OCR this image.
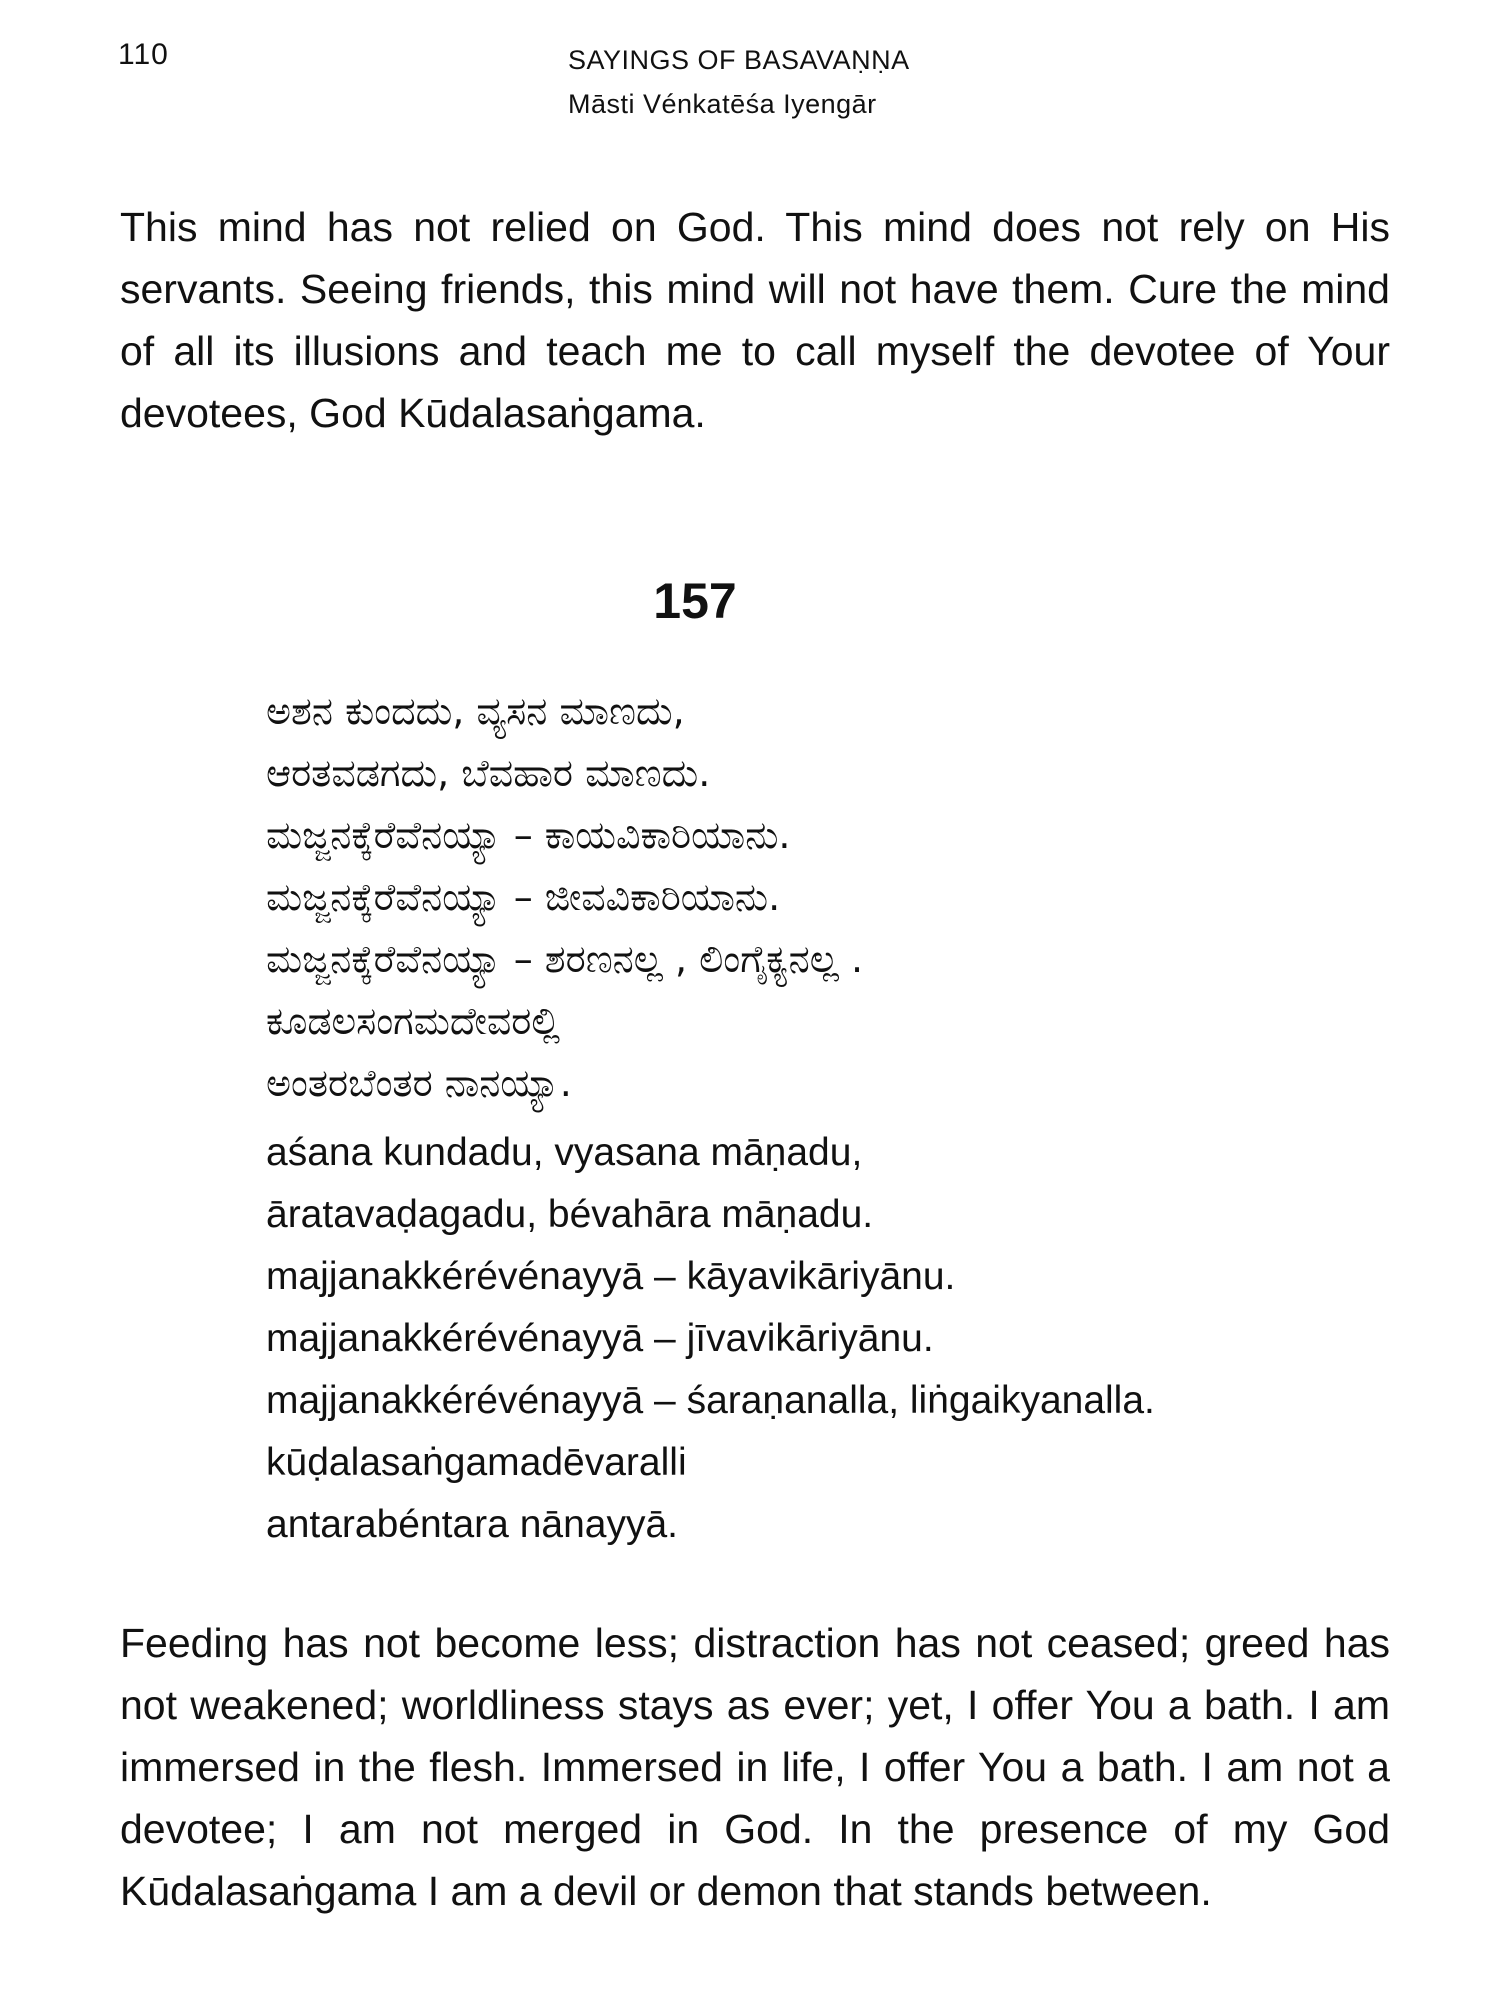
110	SAYINGS OF BASAVAṆṆA
Māsti Vénkatēśa Iyengār

This mind has not relied on God. This mind does not rely on His servants. Seeing friends, this mind will not have them. Cure the mind of all its illusions and teach me to call myself the devotee of Your devotees, God Kūdalasaṅgama.

157
ಅಶನ ಕುಂದದು, ವ್ಯಸನ ಮಾಣದು,
ಆರತವಡಗದು, ಬೆವಹಾರ ಮಾಣದು.
ಮಜ್ಜನಕ್ಕೆರೆವೆನಯ್ಯಾ – ಕಾಯವಿಕಾರಿಯಾನು.
ಮಜ್ಜನಕ್ಕೆರೆವೆನಯ್ಯಾ – ಜೀವವಿಕಾರಿಯಾನು.
ಮಜ್ಜನಕ್ಕೆರೆವೆನಯ್ಯಾ – ಶರಣನಲ್ಲ , ಲಿಂಗೈಕ್ಯನಲ್ಲ .
ಕೂಡಲಸಂಗಮದೇವರಲ್ಲಿ
ಅಂತರಬೆಂತರ ನಾನಯ್ಯಾ.
aśana kundadu, vyasana māṇadu,
āratavaḍagadu, bévahāra māṇadu.
majjanakkérévénayyā – kāyavikāriyānu.
majjanakkérévénayyā – jīvavikāriyānu.
majjanakkérévénayyā – śaraṇanalla, liṅgaikyanalla.
kūḍalasaṅgamadēvaralli
antarabéntara nānayyā.

Feeding has not become less; distraction has not ceased; greed has not weakened; worldliness stays as ever; yet, I offer You a bath. I am immersed in the flesh. Immersed in life, I offer You a bath. I am not a devotee; I am not merged in God. In the presence of my God Kūdalasaṅgama I am a devil or demon that stands between.
